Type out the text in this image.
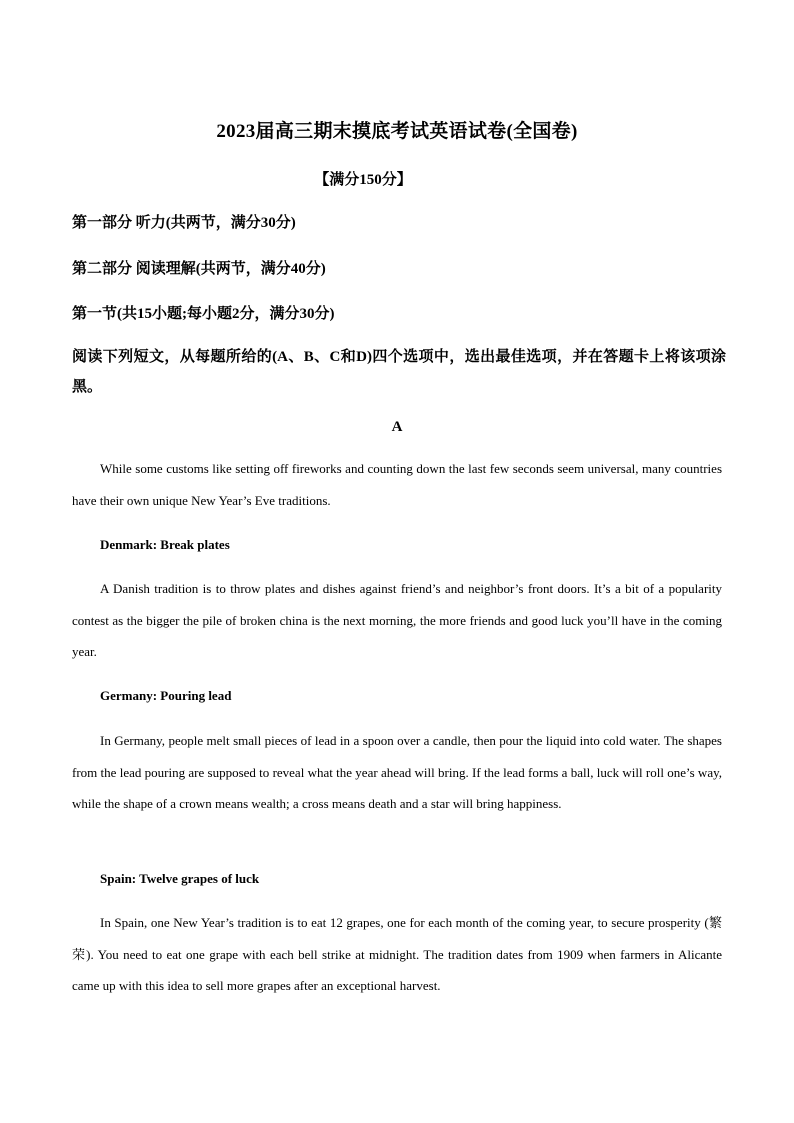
2023届高三期末摸底考试英语试卷(全国卷)
【满分150分】
第一部分 听力(共两节，满分30分)
第二部分 阅读理解(共两节，满分40分)
第一节(共15小题;每小题2分，满分30分)
阅读下列短文，从每题所给的(A、B、C和D)四个选项中，选出最佳选项，并在答题卡上将该项涂黑。
A
While some customs like setting off fireworks and counting down the last few seconds seem universal, many countries have their own unique New Year’s Eve traditions.
Denmark: Break plates
A Danish tradition is to throw plates and dishes against friend’s and neighbor’s front doors. It’s a bit of a popularity contest as the bigger the pile of broken china is the next morning, the more friends and good luck you’ll have in the coming year.
Germany: Pouring lead
In Germany, people melt small pieces of lead in a spoon over a candle, then pour the liquid into cold water. The shapes from the lead pouring are supposed to reveal what the year ahead will bring. If the lead forms a ball, luck will roll one’s way, while the shape of a crown means wealth; a cross means death and a star will bring happiness.
Spain: Twelve grapes of luck
In Spain, one New Year’s tradition is to eat 12 grapes, one for each month of the coming year, to secure prosperity (繁荣). You need to eat one grape with each bell strike at midnight. The tradition dates from 1909 when farmers in Alicante came up with this idea to sell more grapes after an exceptional harvest.
